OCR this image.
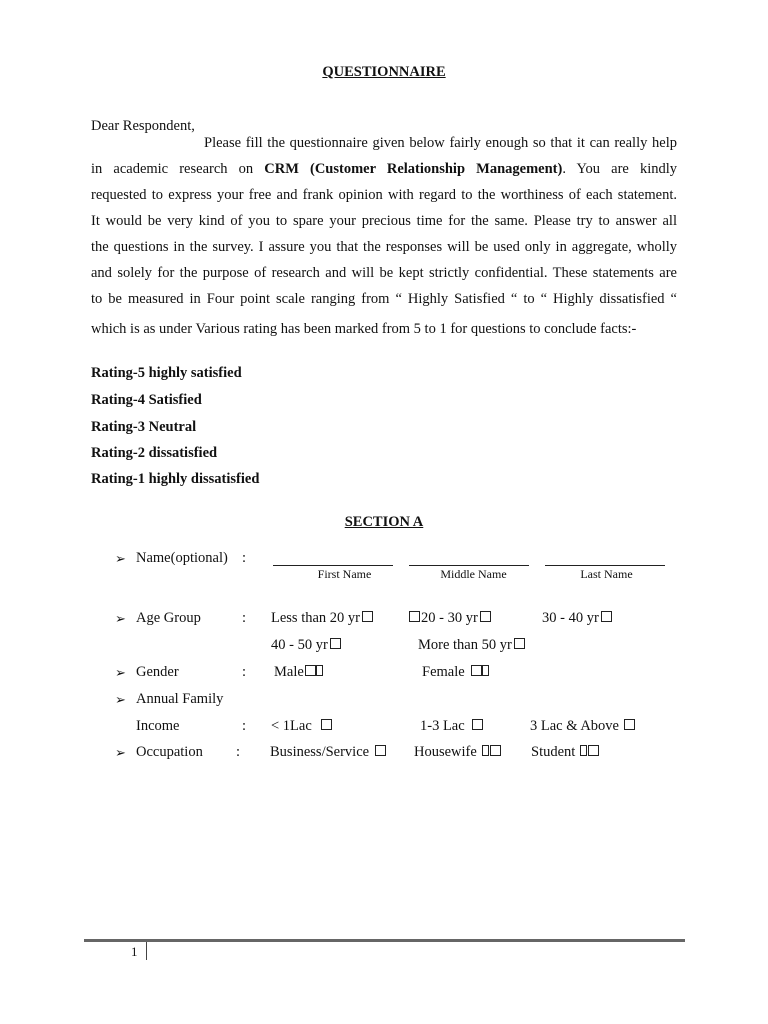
QUESTIONNAIRE
Dear Respondent,
Please fill the questionnaire given below fairly enough so that it can really help
in academic research on CRM (Customer Relationship Management). You are kindly
requested to express your free and frank opinion with regard to the worthiness of each statement.
It would be very kind of you to spare your precious time for the same. Please try to answer all
the questions in the survey. I assure you that the responses will be used only in aggregate, wholly
and solely for the purpose of research and will be kept strictly confidential. These statements are
to be measured in Four point scale ranging from “ Highly Satisfied “ to “ Highly dissatisfied “
which is as under Various rating has been marked from 5 to 1 for questions to conclude facts:-
Rating-5 highly satisfied
Rating-4 Satisfied
Rating-3 Neutral
Rating-2 dissatisfied
Rating-1 highly dissatisfied
SECTION A
➢ Name(optional) :
First Name	Middle Name	Last Name
➢ Age Group	: Less than 20 yr	20 - 30 yr	30 - 40 yr
40 - 50 yr	More than 50 yr
➢ Gender	: Male	Female
➢ Annual Family
Income	: < 1Lac	1-3 Lac	3 Lac & Above
➢ Occupation : Business/Service	Housewife	Student
1
